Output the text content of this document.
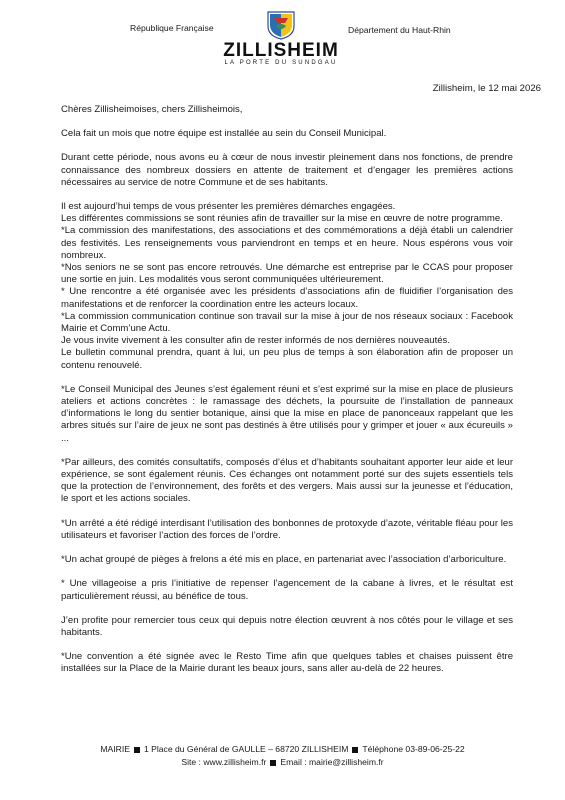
République Française
ZILLISHEIM
LA PORTE DU SUNDGAU
Département du Haut-Rhin
Zillisheim, le 12 mai 2026

Chères Zillisheimoises, chers Zillisheimois,

Cela fait un mois que notre équipe est installée au sein du Conseil Municipal.

Durant cette période, nous avons eu à cœur de nous investir pleinement dans nos fonctions, de prendre connaissance des nombreux dossiers en attente de traitement et d’engager les premières actions nécessaires au service de notre Commune et de ses habitants.

Il est aujourd’hui temps de vous présenter les premières démarches engagées.

Les différentes commissions se sont réunies afin de travailler sur la mise en œuvre de notre programme.

*La commission des manifestations, des associations et des commémorations a déjà établi un calendrier des festivités. Les renseignements vous parviendront en temps et en heure. Nous espérons vous voir nombreux.

*Nos seniors ne se sont pas encore retrouvés. Une démarche est entreprise par le CCAS pour proposer une sortie en juin. Les modalités vous seront communiquées ultérieurement.

* Une rencontre a été organisée avec les présidents d’associations afin de fluidifier l’organisation des manifestations et de renforcer la coordination entre les acteurs locaux.

*La commission communication continue son travail sur la mise à jour de nos réseaux sociaux : Facebook Mairie et Comm’une Actu.

Je vous invite vivement à les consulter afin de rester informés de nos dernières nouveautés.

Le bulletin communal prendra, quant à lui, un peu plus de temps à son élaboration afin de proposer un contenu renouvelé.

*Le Conseil Municipal des Jeunes s’est également réuni et s’est exprimé sur la mise en place de plusieurs ateliers et actions concrètes : le ramassage des déchets, la poursuite de l’installation de panneaux d’informations le long du sentier botanique, ainsi que la mise en place de panonceaux rappelant que les arbres situés sur l’aire de jeux ne sont pas destinés à être utilisés pour y grimper et jouer « aux écureuils » ...

*Par ailleurs, des comités consultatifs, composés d’élus et d’habitants souhaitant apporter leur aide et leur expérience, se sont également réunis. Ces échanges ont notamment porté sur des sujets essentiels tels que la protection de l’environnement, des forêts et des vergers. Mais aussi sur la jeunesse et l’éducation, le sport et les actions sociales.

*Un arrêté a été rédigé interdisant l’utilisation des bonbonnes de protoxyde d’azote, véritable fléau pour les utilisateurs et favoriser l’action des forces de l’ordre.

*Un achat groupé de pièges à frelons a été mis en place, en partenariat avec l’association d’arboriculture.

* Une villageoise a pris l’initiative de repenser l’agencement de la cabane à livres, et le résultat est particulièrement réussi, au bénéfice de tous.

J’en profite pour remercier tous ceux qui depuis notre élection œuvrent à nos côtés pour le village et ses habitants.

*Une convention a été signée avec le Resto Time afin que quelques tables et chaises puissent être installées sur la Place de la Mairie durant les beaux jours, sans aller au-delà de 22 heures.

MAIRIE 1 Place du Général de GAULLE – 68720 ZILLISHEIM Téléphone 03-89-06-25-22
Site : www.zillisheim.fr Email : mairie@zillisheim.fr
